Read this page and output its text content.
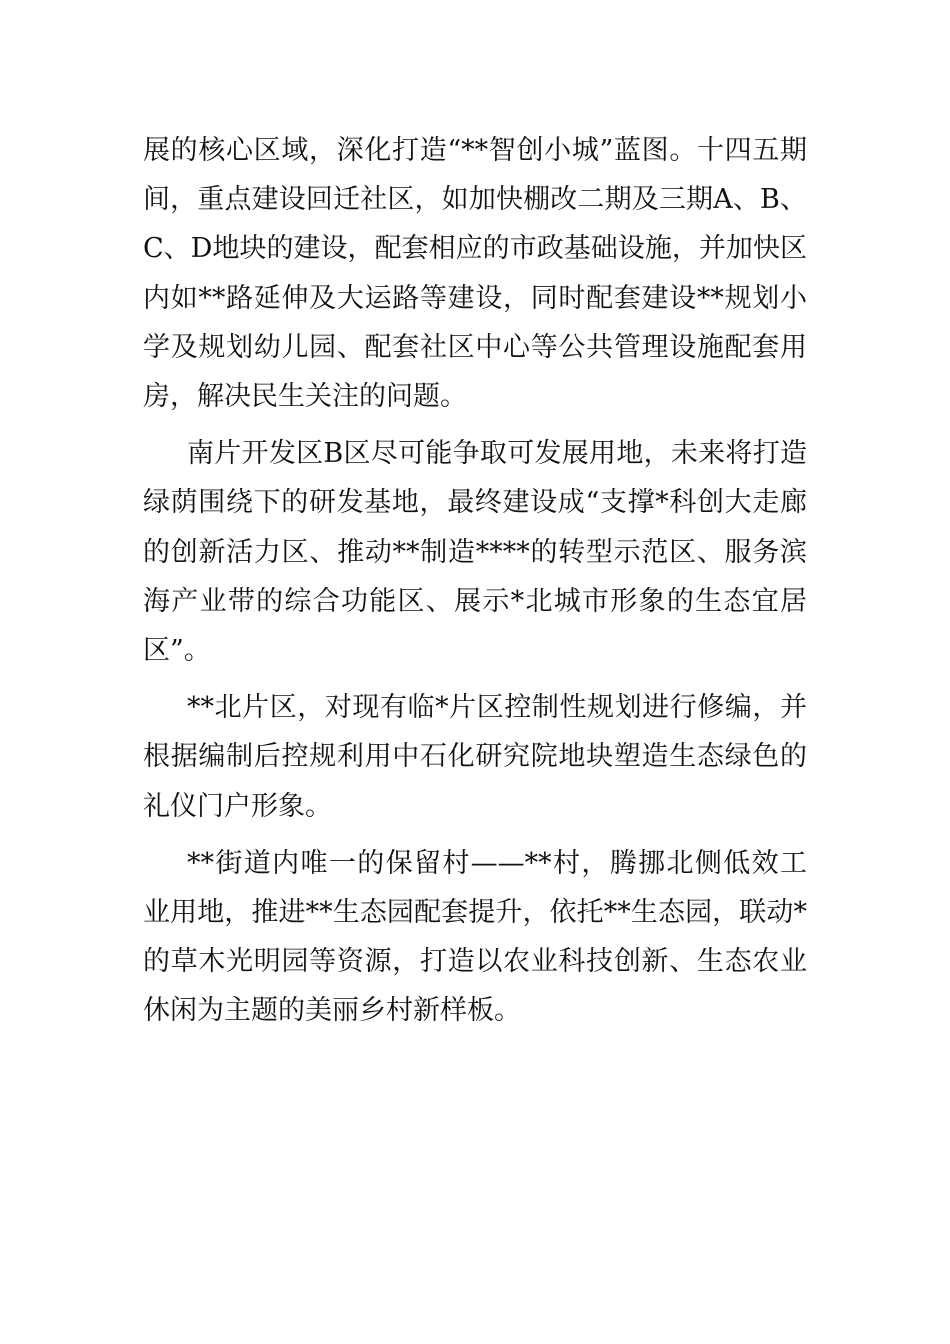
展的核心区域，深化打造“**智创小城”蓝图。十四五期间，重点建设回迁社区，如加快棚改二期及三期A、B、C、D地块的建设，配套相应的市政基础设施，并加快区内如**路延伸及大运路等建设，同时配套建设**规划小学及规划幼儿园、配套社区中心等公共管理设施配套用房，解决民生关注的问题。

南片开发区B区尽可能争取可发展用地，未来将打造绿荫围绕下的研发基地，最终建设成“支撑*科创大走廊的创新活力区、推动**制造****的转型示范区、服务滨海产业带的综合功能区、展示*北城市形象的生态宜居区”。

**北片区，对现有临*片区控制性规划进行修编，并根据编制后控规利用中石化研究院地块塑造生态绿色的礼仪门户形象。

**街道内唯一的保留村——**村，腾挪北侧低效工业用地，推进**生态园配套提升，依托**生态园，联动*的草木光明园等资源，打造以农业科技创新、生态农业休闲为主题的美丽乡村新样板。
